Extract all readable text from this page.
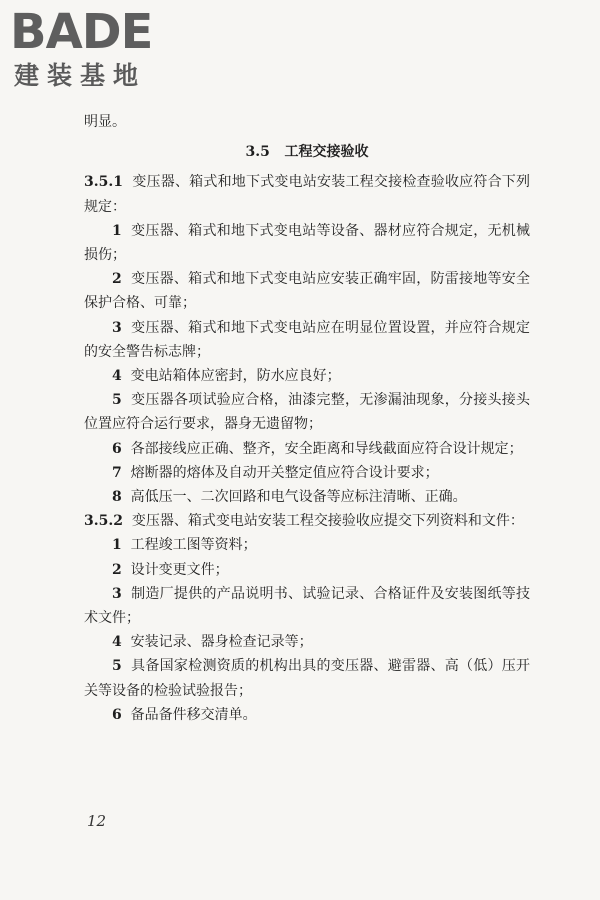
BADE
建装基地

明显。

3.5 工程交接验收

3.5.1 变压器、箱式和地下式变电站安装工程交接检查验收应符合下列规定：

1 变压器、箱式和地下式变电站等设备、器材应符合规定，无机械损伤；

2 变压器、箱式和地下式变电站应安装正确牢固，防雷接地等安全保护合格、可靠；

3 变压器、箱式和地下式变电站应在明显位置设置，并应符合规定的安全警告标志牌；

4 变电站箱体应密封，防水应良好；

5 变压器各项试验应合格，油漆完整，无渗漏油现象，分接头接头位置应符合运行要求，器身无遗留物；

6 各部接线应正确、整齐，安全距离和导线截面应符合设计规定；

7 熔断器的熔体及自动开关整定值应符合设计要求；

8 高低压一、二次回路和电气设备等应标注清晰、正确。

3.5.2 变压器、箱式变电站安装工程交接验收应提交下列资料和文件：

1 工程竣工图等资料；

2 设计变更文件；

3 制造厂提供的产品说明书、试验记录、合格证件及安装图纸等技术文件；

4 安装记录、器身检查记录等；

5 具备国家检测资质的机构出具的变压器、避雷器、高（低）压开关等设备的检验试验报告；

6 备品备件移交清单。

12
